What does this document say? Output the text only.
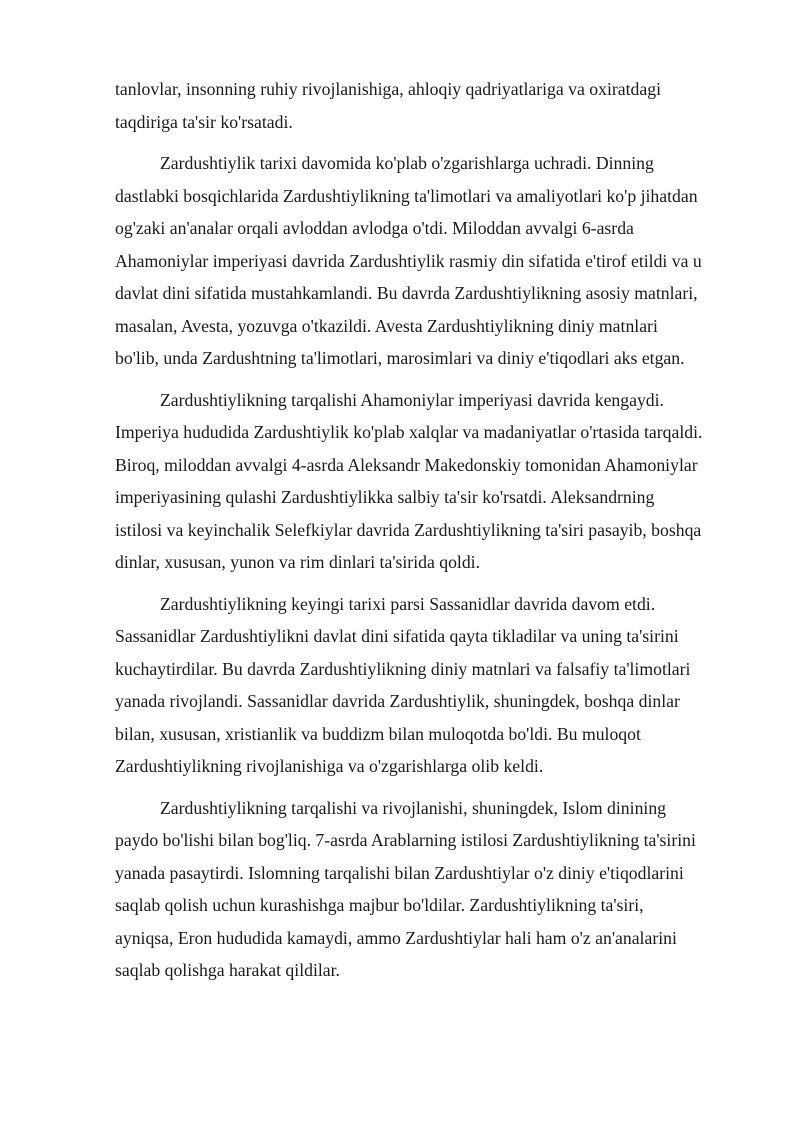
tanlovlar, insonning ruhiy rivojlanishiga, ahloqiy qadriyatlariga va oxiratdagi
taqdiriga ta'sir ko'rsatadi.

Zardushtiylik tarixi davomida ko'plab o'zgarishlarga uchradi. Dinning
dastlabki bosqichlarida Zardushtiylikning ta'limotlari va amaliyotlari ko'p jihatdan
og'zaki an'analar orqali avloddan avlodga o'tdi. Miloddan avvalgi 6-asrda
Ahamoniylar imperiyasi davrida Zardushtiylik rasmiy din sifatida e'tirof etildi va u
davlat dini sifatida mustahkamlandi. Bu davrda Zardushtiylikning asosiy matnlari,
masalan, Avesta, yozuvga o'tkazildi. Avesta Zardushtiylikning diniy matnlari
bo'lib, unda Zardushtning ta'limotlari, marosimlari va diniy e'tiqodlari aks etgan.

Zardushtiylikning tarqalishi Ahamoniylar imperiyasi davrida kengaydi.
Imperiya hududida Zardushtiylik ko'plab xalqlar va madaniyatlar o'rtasida tarqaldi.
Biroq, miloddan avvalgi 4-asrda Aleksandr Makedonskiy tomonidan Ahamoniylar
imperiyasining qulashi Zardushtiylikka salbiy ta'sir ko'rsatdi. Aleksandrning
istilosi va keyinchalik Selefkiylar davrida Zardushtiylikning ta'siri pasayib, boshqa
dinlar, xususan, yunon va rim dinlari ta'sirida qoldi.

Zardushtiylikning keyingi tarixi parsi Sassanidlar davrida davom etdi.
Sassanidlar Zardushtiylikni davlat dini sifatida qayta tikladilar va uning ta'sirini
kuchaytirdilar. Bu davrda Zardushtiylikning diniy matnlari va falsafiy ta'limotlari
yanada rivojlandi. Sassanidlar davrida Zardushtiylik, shuningdek, boshqa dinlar
bilan, xususan, xristianlik va buddizm bilan muloqotda bo'ldi. Bu muloqot
Zardushtiylikning rivojlanishiga va o'zgarishlarga olib keldi.

Zardushtiylikning tarqalishi va rivojlanishi, shuningdek, Islom dinining
paydo bo'lishi bilan bog'liq. 7-asrda Arablarning istilosi Zardushtiylikning ta'sirini
yanada pasaytirdi. Islomning tarqalishi bilan Zardushtiylar o'z diniy e'tiqodlarini
saqlab qolish uchun kurashishga majbur bo'ldilar. Zardushtiylikning ta'siri,
ayniqsa, Eron hududida kamaydi, ammo Zardushtiylar hali ham o'z an'analarini
saqlab qolishga harakat qildilar.
